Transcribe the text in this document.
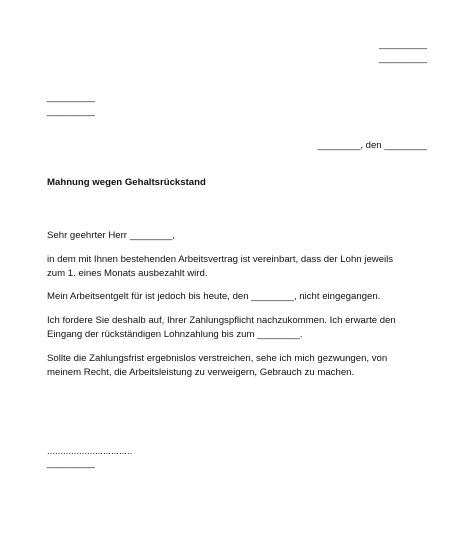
_________
_________
_________
_________
________, den ________
Mahnung wegen Gehaltsrückstand
Sehr geehrter Herr ________,
in dem mit Ihnen bestehenden Arbeitsvertrag ist vereinbart, dass der Lohn jeweils
zum 1. eines Monats ausbezahlt wird.
Mein Arbeitsentgelt für ist jedoch bis heute, den ________, nicht eingegangen.
Ich fordere Sie deshalb auf, Ihrer Zahlungspflicht nachzukommen. Ich erwarte den
Eingang der rückständigen Lohnzahlung bis zum ________.
Sollte die Zahlungsfrist ergebnislos verstreichen, sehe ich mich gezwungen, von
meinem Recht, die Arbeitsleistung zu verweigern, Gebrauch zu machen.
................................
_________
